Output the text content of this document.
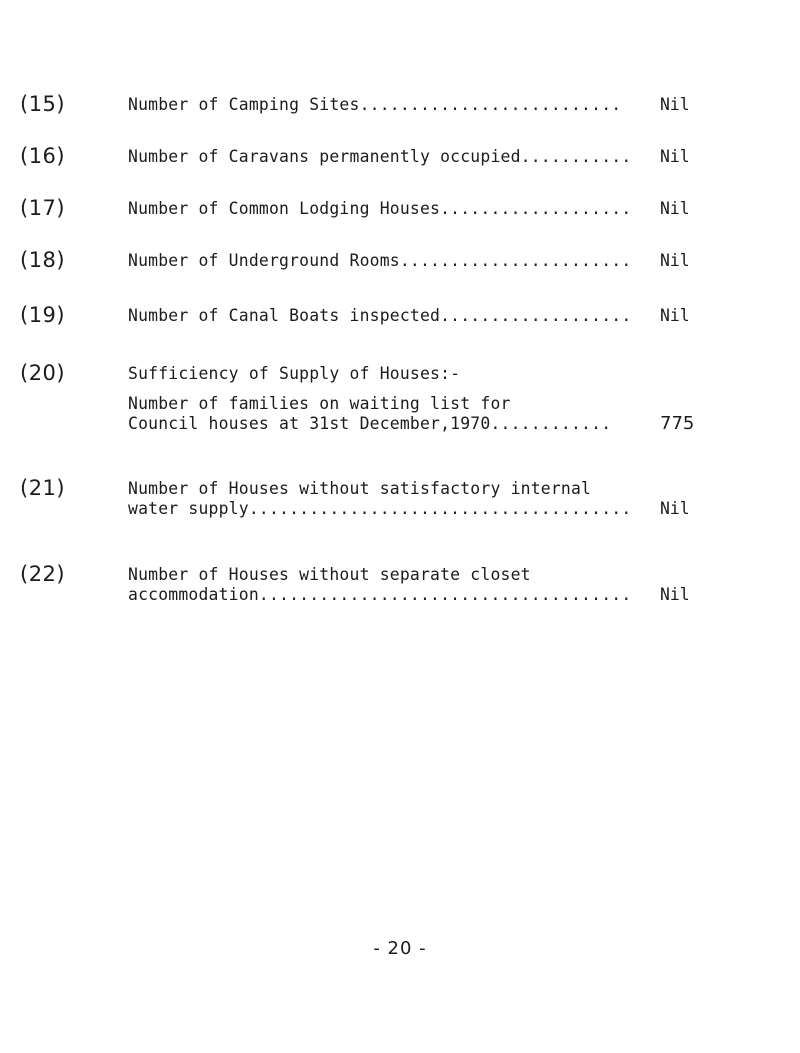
(15)	Number of Camping Sites..........................	Nil
(16)	Number of Caravans permanently occupied...........	Nil
(17)	Number of Common Lodging Houses...................	Nil
(18)	Number of Underground Rooms.......................	Nil
(19)	Number of Canal Boats inspected...................	Nil
(20)	Sufficiency of Supply of Houses:-
Number of families on waiting list for
Council houses at 31st December,1970............	775
(21)	Number of Houses without satisfactory internal
water supply......................................	Nil
(22)	Number of Houses without separate closet
accommodation.....................................	Nil
- 20 -
